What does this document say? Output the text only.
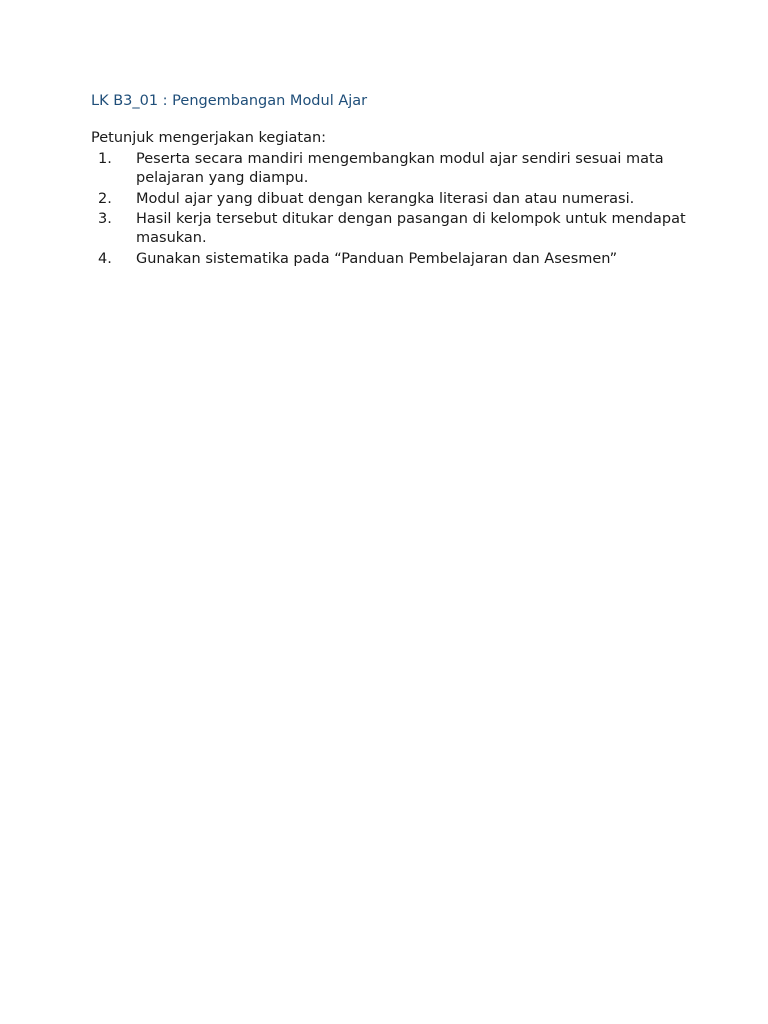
LK B3_01 : Pengembangan Modul Ajar
Petunjuk mengerjakan kegiatan:
1.	Peserta secara mandiri mengembangkan modul ajar sendiri sesuai mata pelajaran yang diampu.
2.	Modul ajar yang dibuat dengan kerangka literasi dan atau numerasi.
3.	Hasil kerja tersebut ditukar dengan pasangan di kelompok untuk mendapat masukan.
4.	Gunakan sistematika pada “Panduan Pembelajaran dan Asesmen”
